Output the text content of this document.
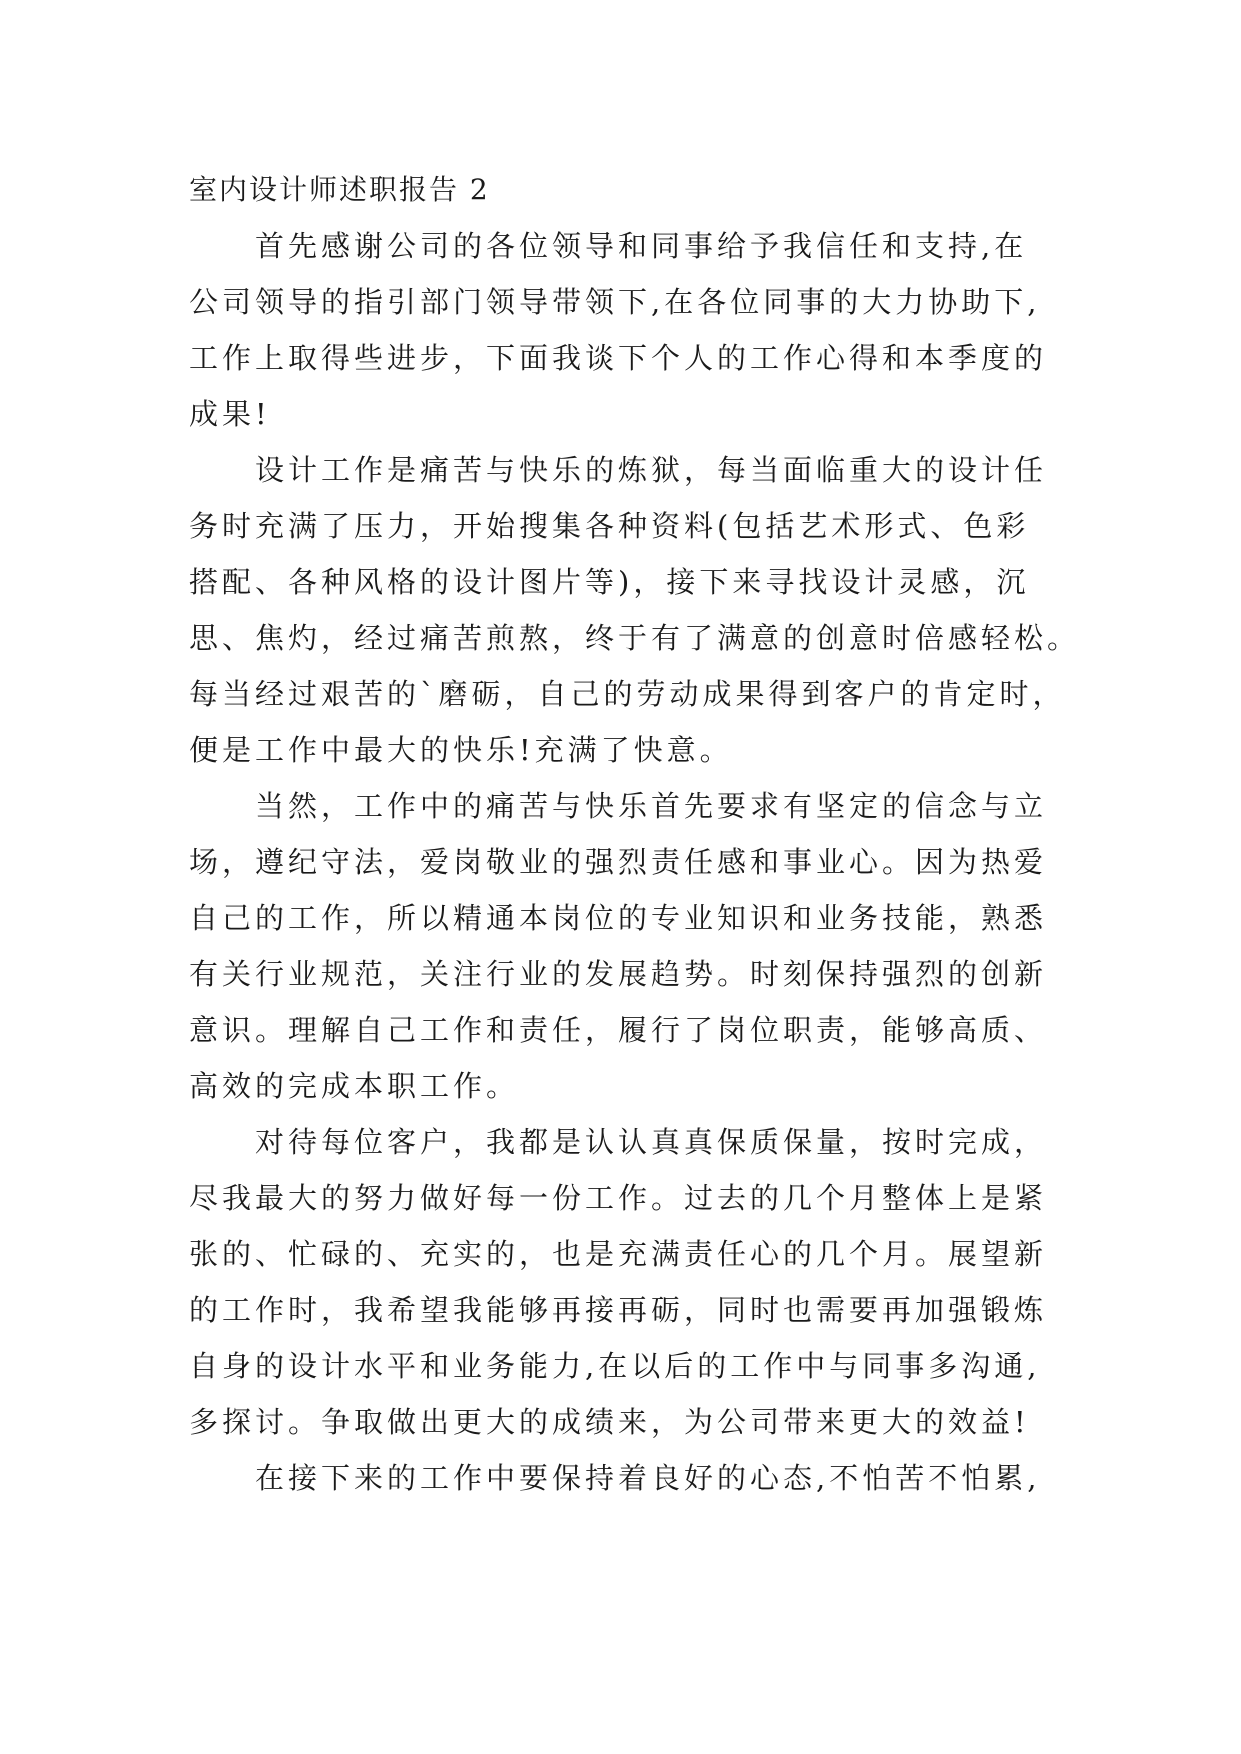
室内设计师述职报告 2

首先感谢公司的各位领导和同事给予我信任和支持,在
公司领导的指引部门领导带领下,在各位同事的大力协助下,
工作上取得些进步，下面我谈下个人的工作心得和本季度的
成果!

设计工作是痛苦与快乐的炼狱，每当面临重大的设计任
务时充满了压力，开始搜集各种资料(包括艺术形式、色彩
搭配、各种风格的设计图片等)，接下来寻找设计灵感，沉
思、焦灼，经过痛苦煎熬，终于有了满意的创意时倍感轻松。
每当经过艰苦的`磨砺，自己的劳动成果得到客户的肯定时，
便是工作中最大的快乐!充满了快意。

当然，工作中的痛苦与快乐首先要求有坚定的信念与立
场，遵纪守法，爱岗敬业的强烈责任感和事业心。因为热爱
自己的工作，所以精通本岗位的专业知识和业务技能，熟悉
有关行业规范，关注行业的发展趋势。时刻保持强烈的创新
意识。理解自己工作和责任，履行了岗位职责，能够高质、
高效的完成本职工作。

对待每位客户，我都是认认真真保质保量，按时完成，
尽我最大的努力做好每一份工作。过去的几个月整体上是紧
张的、忙碌的、充实的，也是充满责任心的几个月。展望新
的工作时，我希望我能够再接再砺，同时也需要再加强锻炼
自身的设计水平和业务能力,在以后的工作中与同事多沟通,
多探讨。争取做出更大的成绩来，为公司带来更大的效益!

在接下来的工作中要保持着良好的心态,不怕苦不怕累,
